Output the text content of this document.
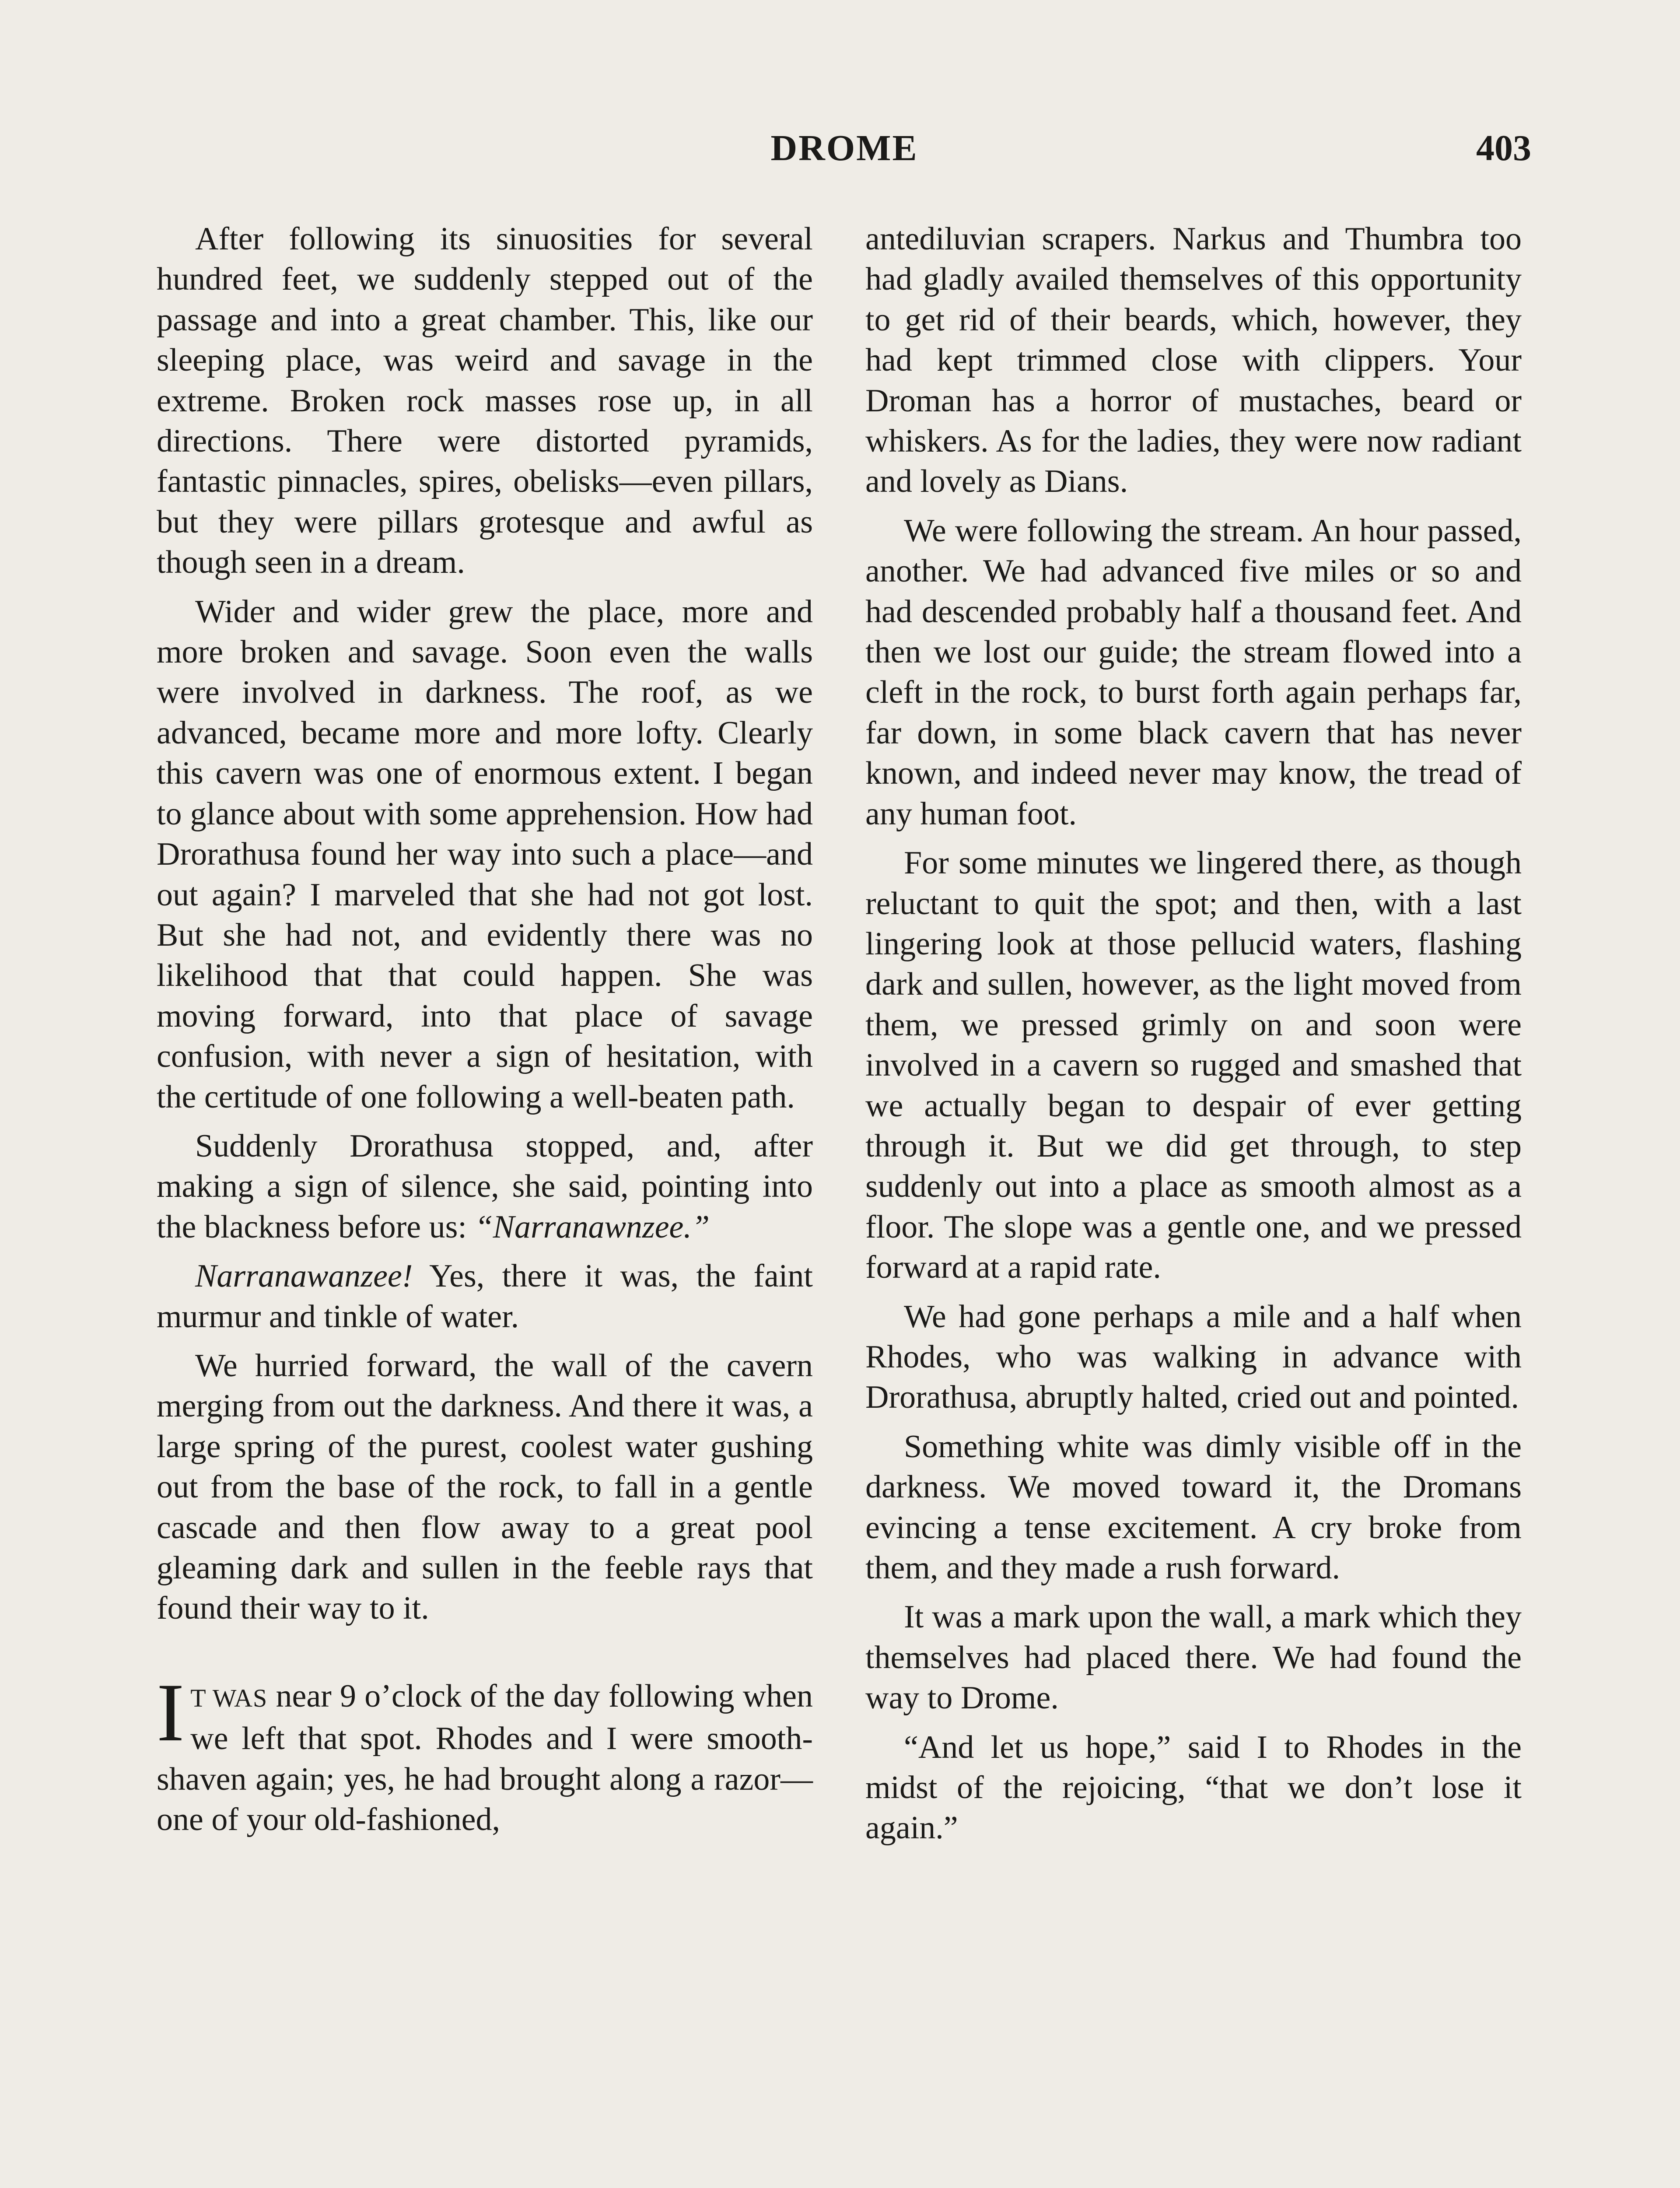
DROME	403

After following its sinuosities for several hundred feet, we suddenly stepped out of the passage and into a great chamber. This, like our sleeping place, was weird and savage in the extreme. Broken rock masses rose up, in all directions. There were distorted pyramids, fantastic pinnacles, spires, obelisks—even pillars, but they were pillars grotesque and awful as though seen in a dream.

Wider and wider grew the place, more and more broken and savage. Soon even the walls were involved in darkness. The roof, as we advanced, became more and more lofty. Clearly this cavern was one of enormous extent. I began to glance about with some apprehension. How had Drorathusa found her way into such a place—and out again? I marveled that she had not got lost. But she had not, and evidently there was no likelihood that that could happen. She was moving forward, into that place of savage confusion, with never a sign of hesitation, with the certitude of one following a well-beaten path.

Suddenly Drorathusa stopped, and, after making a sign of silence, she said, pointing into the blackness before us: “Narranawnzee.”

Narranawanzee! Yes, there it was, the faint murmur and tinkle of water.

We hurried forward, the wall of the cavern merging from out the darkness. And there it was, a large spring of the purest, coolest water gushing out from the base of the rock, to fall in a gentle cascade and then flow away to a great pool gleaming dark and sullen in the feeble rays that found their way to it.

I T WAS near 9 o’clock of the day following when we left that spot. Rhodes and I were smooth-shaven again; yes, he had brought along a razor—one of your old-fashioned,

antediluvian scrapers. Narkus and Thumbra too had gladly availed themselves of this opportunity to get rid of their beards, which, however, they had kept trimmed close with clippers. Your Droman has a horror of mustaches, beard or whiskers. As for the ladies, they were now radiant and lovely as Dians.

We were following the stream. An hour passed, another. We had advanced five miles or so and had descended probably half a thousand feet. And then we lost our guide; the stream flowed into a cleft in the rock, to burst forth again perhaps far, far down, in some black cavern that has never known, and indeed never may know, the tread of any human foot.

For some minutes we lingered there, as though reluctant to quit the spot; and then, with a last lingering look at those pellucid waters, flashing dark and sullen, however, as the light moved from them, we pressed grimly on and soon were involved in a cavern so rugged and smashed that we actually began to despair of ever getting through it. But we did get through, to step suddenly out into a place as smooth almost as a floor. The slope was a gentle one, and we pressed forward at a rapid rate.

We had gone perhaps a mile and a half when Rhodes, who was walking in advance with Drorathusa, abruptly halted, cried out and pointed.

Something white was dimly visible off in the darkness. We moved toward it, the Dromans evincing a tense excitement. A cry broke from them, and they made a rush forward.

It was a mark upon the wall, a mark which they themselves had placed there. We had found the way to Drome.

“And let us hope,” said I to Rhodes in the midst of the rejoicing, “that we don’t lose it again.”
